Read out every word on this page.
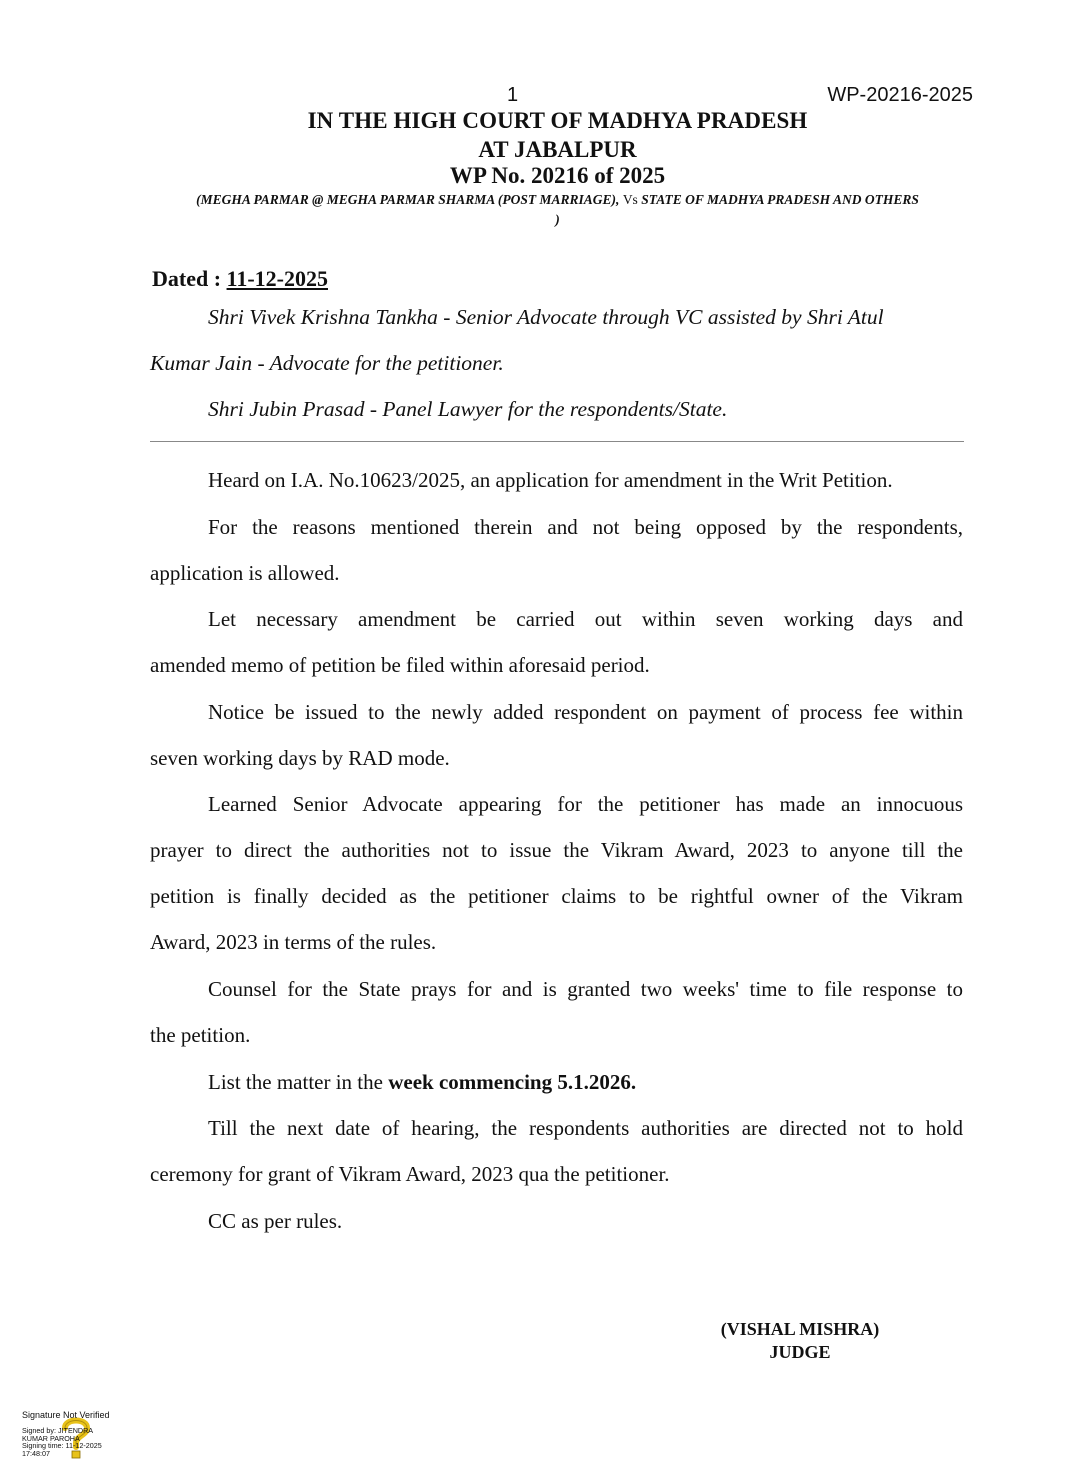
1	WP-20216-2025
IN THE HIGH COURT OF MADHYA PRADESH
AT JABALPUR
WP No. 20216 of 2025
(MEGHA PARMAR @ MEGHA PARMAR SHARMA (POST MARRIAGE), Vs STATE OF MADHYA PRADESH AND OTHERS
)
Dated : 11-12-2025
Shri Vivek Krishna Tankha - Senior Advocate through VC assisted by Shri Atul
Kumar Jain - Advocate for the petitioner.
Shri Jubin Prasad - Panel Lawyer for the respondents/State.
Heard on I.A. No.10623/2025, an application for amendment in the Writ Petition.
For the reasons mentioned therein and not being opposed by the respondents,
application is allowed.
Let necessary amendment be carried out within seven working days and
amended memo of petition be filed within aforesaid period.
Notice be issued to the newly added respondent on payment of process fee within
seven working days by RAD mode.
Learned Senior Advocate appearing for the petitioner has made an innocuous
prayer to direct the authorities not to issue the Vikram Award, 2023 to anyone till the
petition is finally decided as the petitioner claims to be rightful owner of the Vikram
Award, 2023 in terms of the rules.
Counsel for the State prays for and is granted two weeks' time to file response to
the petition.
List the matter in the week commencing 5.1.2026.
Till the next date of hearing, the respondents authorities are directed not to hold
ceremony for grant of Vikram Award, 2023 qua the petitioner.
CC as per rules.
(VISHAL MISHRA)
JUDGE
Signature Not Verified
Signed by: JITENDRA
KUMAR PAROHA
Signing time: 11-12-2025
17:48:07
